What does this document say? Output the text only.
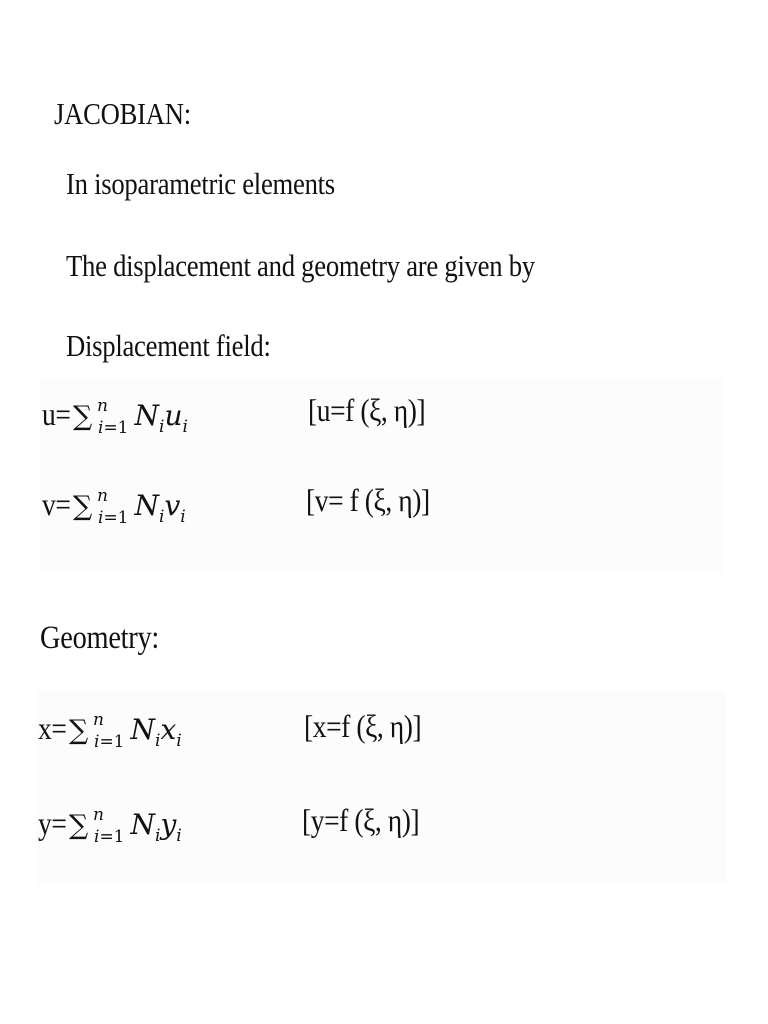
JACOBIAN:
In isoparametric elements
The displacement and geometry are given by
Displacement field:
u= ∑ n
i=1 N i u i	[u=f (ξ, η)]
v= ∑ n
i=1 N i v i	[v= f (ξ, η)]
Geometry:
x= ∑ n
i=1 N i x i	[x=f (ξ, η)]
y= ∑ n
i=1 N i y i	[y=f (ξ, η)]
